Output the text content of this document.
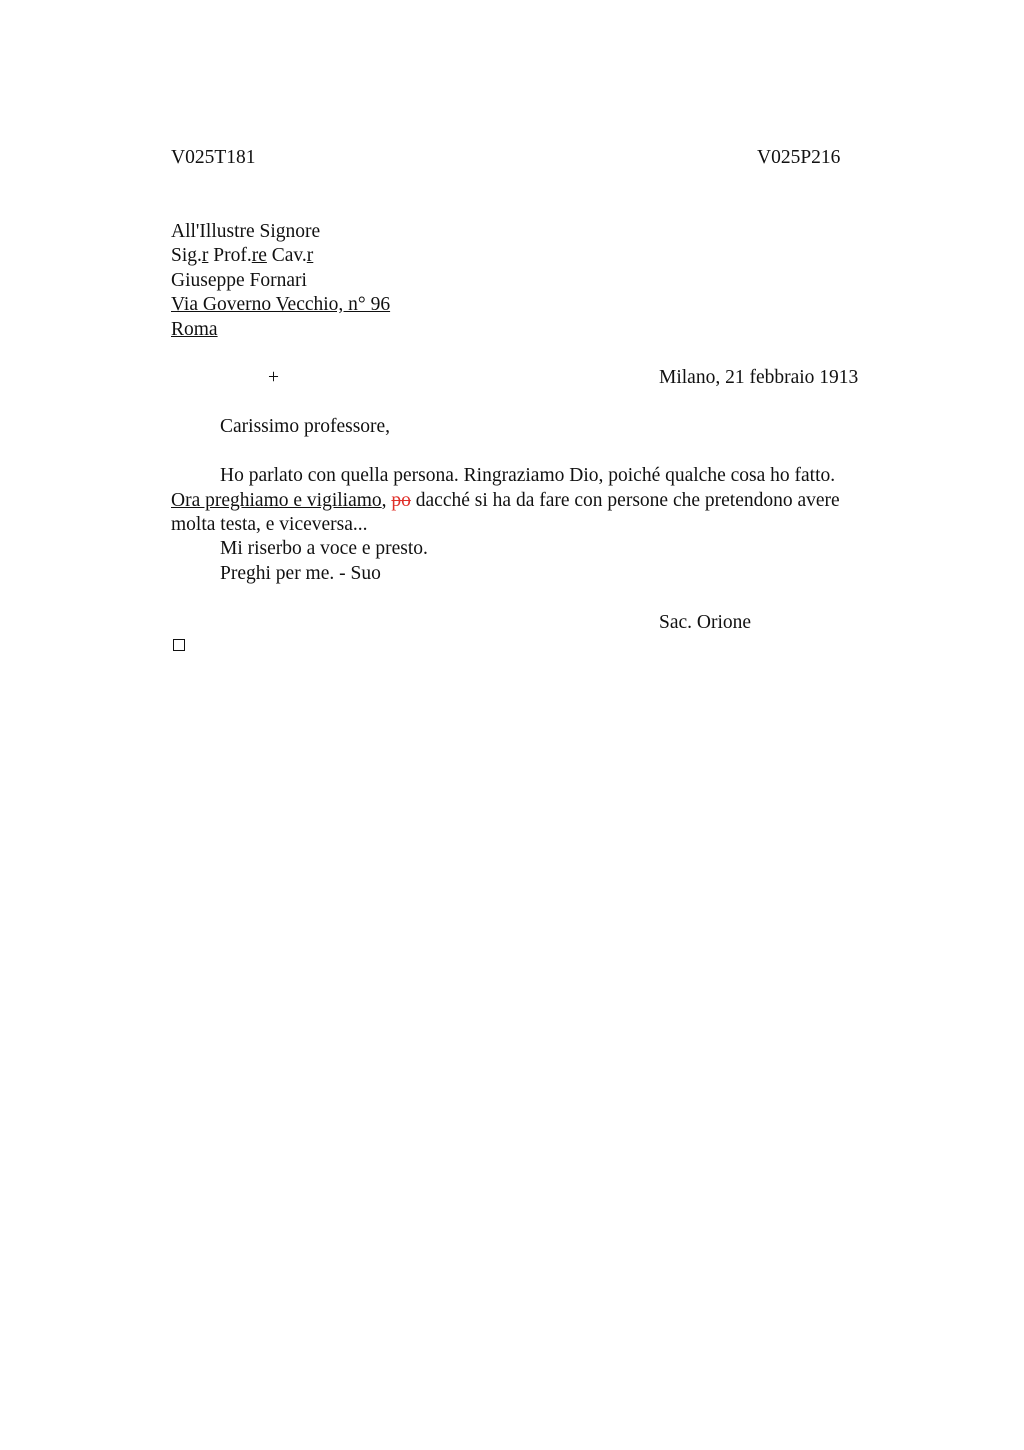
V025T181	V025P216
All'Illustre Signore
Sig.r Prof.re Cav.r
Giuseppe Fornari
Via Governo Vecchio, n° 96
Roma
+	Milano, 21 febbraio 1913
Carissimo professore,
Ho parlato con quella persona. Ringraziamo Dio, poiché qualche cosa ho fatto.
Ora preghiamo e vigiliamo, po dacché si ha da fare con persone che pretendono avere
molta testa, e viceversa...
Mi riserbo a voce e presto.
Preghi per me. - Suo
Sac. Orione
